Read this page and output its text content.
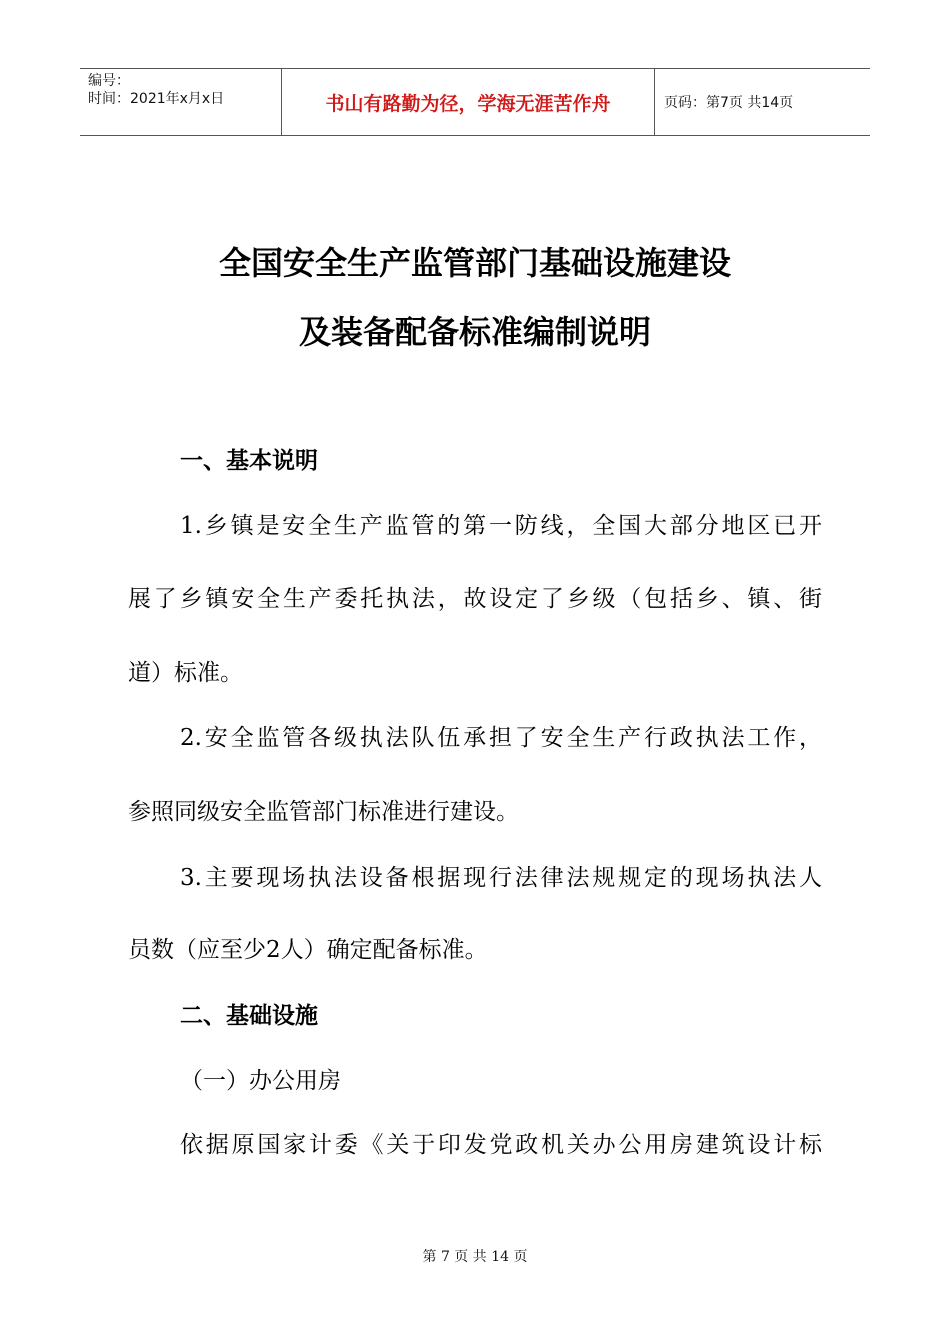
编号：
时间：2021年x月x日	书山有路勤为径，学海无涯苦作舟	页码：第7页 共14页
全国安全生产监管部门基础设施建设
及装备配备标准编制说明
一、基本说明
1.乡镇是安全生产监管的第一防线，全国大部分地区已开
展了乡镇安全生产委托执法，故设定了乡级（包括乡、镇、街
道）标准。
2.安全监管各级执法队伍承担了安全生产行政执法工作，
参照同级安全监管部门标准进行建设。
3.主要现场执法设备根据现行法律法规规定的现场执法人
员数（应至少2人）确定配备标准。
二、基础设施
（一）办公用房
依据原国家计委《关于印发党政机关办公用房建筑设计标
第 7 页 共 14 页
